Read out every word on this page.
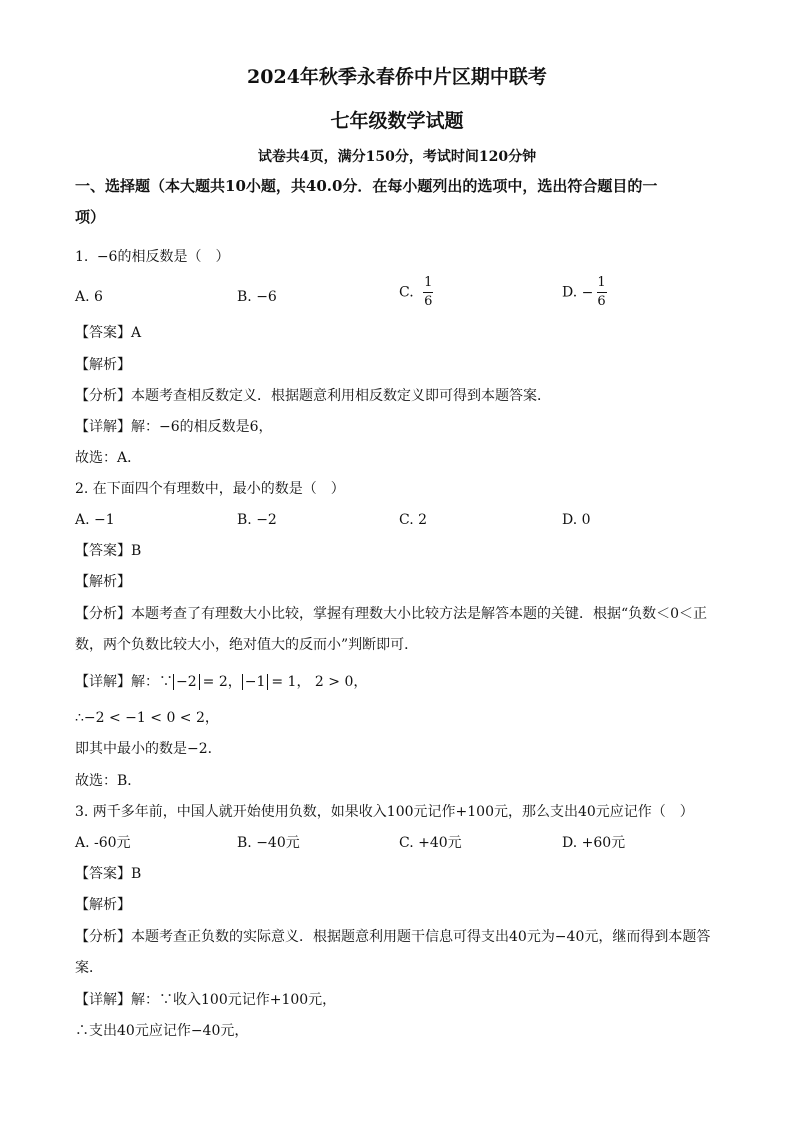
2024年秋季永春侨中片区期中联考
七年级数学试题
试卷共4页，满分150分，考试时间120分钟
一、选择题（本大题共10小题，共40.0分．在每小题列出的选项中，选出符合题目的一
项）
1. −6的相反数是（　）
A. 6	B. −6	C. $\frac{1}{6}$	D. − $\frac{1}{6}$
【答案】A
【解析】
【分析】本题考查相反数定义．根据题意利用相反数定义即可得到本题答案．
【详解】解：−6的相反数是6，
故选：A．
2. 在下面四个有理数中，最小的数是（　）
A. −1	B. −2	C. 2	D. 0
【答案】B
【解析】
【分析】本题考查了有理数大小比较，掌握有理数大小比较方法是解答本题的关键．根据“负数＜0＜正
数，两个负数比较大小，绝对值大的反而小”判断即可．
【详解】解：∵ −2 = 2， −1 = 1， 2 > 0，
∴−2 < −1 < 0 < 2，
即其中最小的数是−2．
故选：B．
3. 两千多年前，中国人就开始使用负数，如果收入100元记作+100元，那么支出40元应记作（　）
A. -60元	B. −40元	C. +40元	D. +60元
【答案】B
【解析】
【分析】本题考查正负数的实际意义．根据题意利用题干信息可得支出40元为−40元，继而得到本题答
案．
【详解】解：∵收入100元记作+100元，
∴支出40元应记作−40元，
